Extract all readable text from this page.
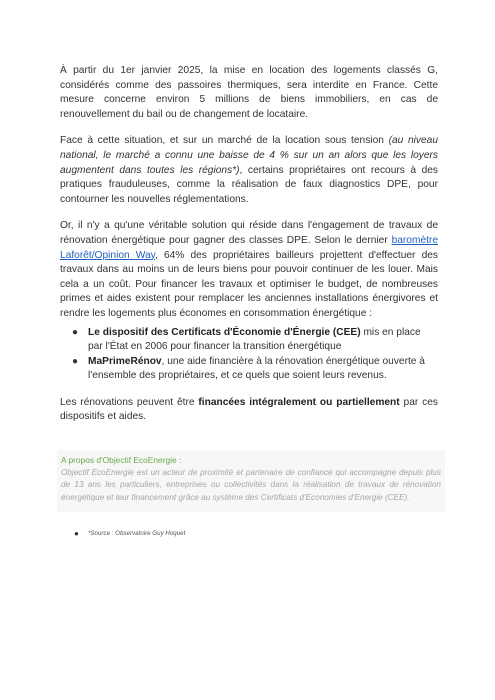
À partir du 1er janvier 2025, la mise en location des logements classés G, considérés comme des passoires thermiques, sera interdite en France. Cette mesure concerne environ 5 millions de biens immobiliers, en cas de renouvellement du bail ou de changement de locataire.

Face à cette situation, et sur un marché de la location sous tension (au niveau national, le marché a connu une baisse de 4 % sur un an alors que les loyers augmentent dans toutes les régions*), certains propriétaires ont recours à des pratiques frauduleuses, comme la réalisation de faux diagnostics DPE, pour contourner les nouvelles réglementations.

Or, il n'y a qu'une véritable solution qui réside dans l'engagement de travaux de rénovation énergétique pour gagner des classes DPE. Selon le dernier baromètre Laforêt/Opinion Way, 64% des propriétaires bailleurs projettent d'effectuer des travaux dans au moins un de leurs biens pour pouvoir continuer de les louer. Mais cela a un coût. Pour financer les travaux et optimiser le budget, de nombreuses primes et aides existent pour remplacer les anciennes installations énergivores et rendre les logements plus économes en consommation énergétique :

● Le dispositif des Certificats d'Économie d'Énergie (CEE) mis en place par l'État en 2006 pour financer la transition énergétique
● MaPrimeRénov, une aide financière à la rénovation énergétique ouverte à l'ensemble des propriétaires, et ce quels que soient leurs revenus.

Les rénovations peuvent être financées intégralement ou partiellement par ces dispositifs et aides.

A propos d'Objectif EcoEnergie :
Objectif EcoEnergie est un acteur de proximité et partenaire de confiance qui accompagne depuis plus de 13 ans les particuliers, entreprises ou collectivités dans la réalisation de travaux de rénovation énergétique et leur financement grâce au système des Certificats d'Economies d'Energie (CEE).
● *Source : Observatoire Guy Hoquet
